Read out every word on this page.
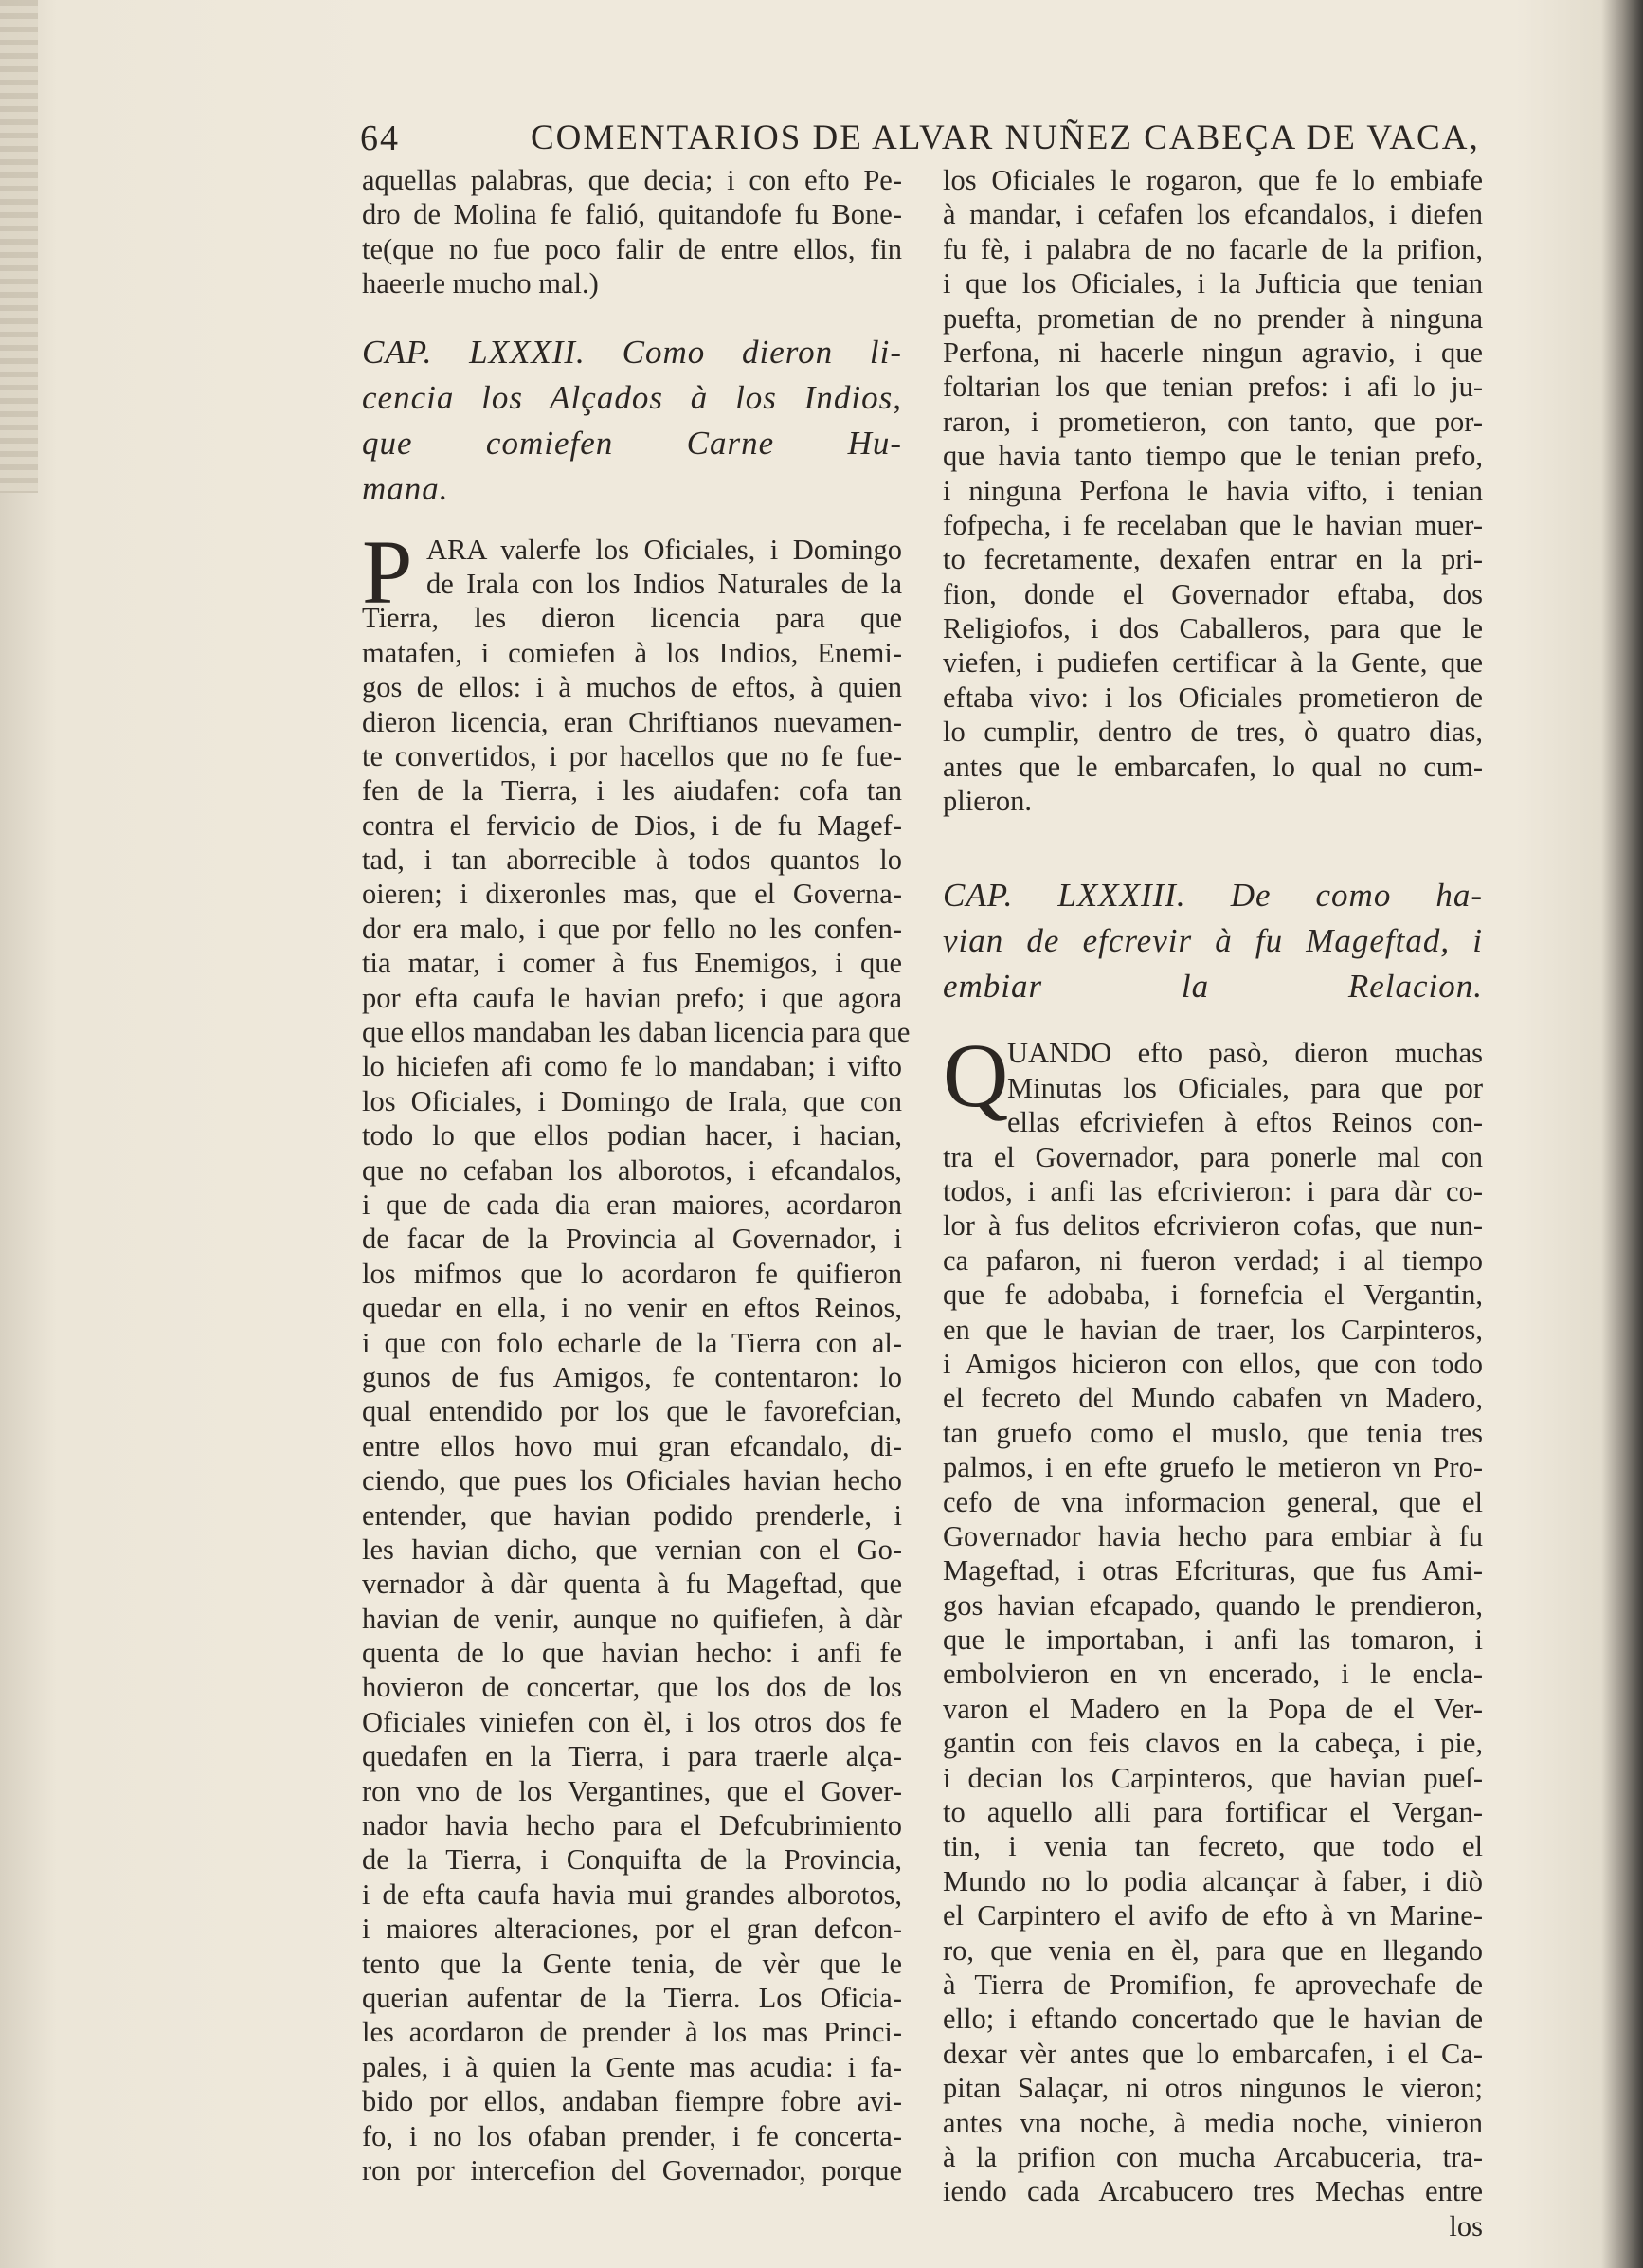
64	COMENTARIOS DE ALVAR NUÑEZ CABEÇA DE VACA,
aquellas palabras, que decia; i con efto Pe-
dro de Molina fe falió, quitandofe fu Bone-
te(que no fue poco falir de entre ellos, fin
haeerle mucho mal.)
CAP. LXXXII. Como dieron li-
cencia los Alçados à los Indios,
que comiefen Carne Hu-
mana.
P ARA valerfe los Oficiales, i Domingo
de Irala con los Indios Naturales de la
Tierra, les dieron licencia para que
matafen, i comiefen à los Indios, Enemi-
gos de ellos: i à muchos de eftos, à quien
dieron licencia, eran Chriftianos nuevamen-
te convertidos, i por hacellos que no fe fue-
fen de la Tierra, i les aiudafen: cofa tan
contra el fervicio de Dios, i de fu Magef-
tad, i tan aborrecible à todos quantos lo
oieren; i dixeronles mas, que el Governa-
dor era malo, i que por fello no les confen-
tia matar, i comer à fus Enemigos, i que
por efta caufa le havian prefo; i que agora
que ellos mandaban les daban licencia para que
lo hiciefen afi como fe lo mandaban; i vifto
los Oficiales, i Domingo de Irala, que con
todo lo que ellos podian hacer, i hacian,
que no cefaban los alborotos, i efcandalos,
i que de cada dia eran maiores, acordaron
de facar de la Provincia al Governador, i
los mifmos que lo acordaron fe quifieron
quedar en ella, i no venir en eftos Reinos,
i que con folo echarle de la Tierra con al-
gunos de fus Amigos, fe contentaron: lo
qual entendido por los que le favorefcian,
entre ellos hovo mui gran efcandalo, di-
ciendo, que pues los Oficiales havian hecho
entender, que havian podido prenderle, i
les havian dicho, que vernian con el Go-
vernador à dàr quenta à fu Mageftad, que
havian de venir, aunque no quifiefen, à dàr
quenta de lo que havian hecho: i anfi fe
hovieron de concertar, que los dos de los
Oficiales viniefen con èl, i los otros dos fe
quedafen en la Tierra, i para traerle alça-
ron vno de los Vergantines, que el Gover-
nador havia hecho para el Defcubrimiento
de la Tierra, i Conquifta de la Provincia,
i de efta caufa havia mui grandes alborotos,
i maiores alteraciones, por el gran defcon-
tento que la Gente tenia, de vèr que le
querian aufentar de la Tierra. Los Oficia-
les acordaron de prender à los mas Princi-
pales, i à quien la Gente mas acudia: i fa-
bido por ellos, andaban fiempre fobre avi-
fo, i no los ofaban prender, i fe concerta-
ron por intercefion del Governador, porque
los Oficiales le rogaron, que fe lo embiafe
à mandar, i cefafen los efcandalos, i diefen
fu fè, i palabra de no facarle de la prifion,
i que los Oficiales, i la Jufticia que tenian
puefta, prometian de no prender à ninguna
Perfona, ni hacerle ningun agravio, i que
foltarian los que tenian prefos: i afi lo ju-
raron, i prometieron, con tanto, que por-
que havia tanto tiempo que le tenian prefo,
i ninguna Perfona le havia vifto, i tenian
fofpecha, i fe recelaban que le havian muer-
to fecretamente, dexafen entrar en la pri-
fion, donde el Governador eftaba, dos
Religiofos, i dos Caballeros, para que le
viefen, i pudiefen certificar à la Gente, que
eftaba vivo: i los Oficiales prometieron de
lo cumplir, dentro de tres, ò quatro dias,
antes que le embarcafen, lo qual no cum-
plieron.
CAP. LXXXIII. De como ha-
vian de efcrevir à fu Mageftad, i
embiar la Relacion.
Q
UANDO efto pasò, dieron muchas
Minutas los Oficiales, para que por
ellas efcriviefen à eftos Reinos con-
tra el Governador, para ponerle mal con
todos, i anfi las efcrivieron: i para dàr co-
lor à fus delitos efcrivieron cofas, que nun-
ca pafaron, ni fueron verdad; i al tiempo
que fe adobaba, i fornefcia el Vergantin,
en que le havian de traer, los Carpinteros,
i Amigos hicieron con ellos, que con todo
el fecreto del Mundo cabafen vn Madero,
tan gruefo como el muslo, que tenia tres
palmos, i en efte gruefo le metieron vn Pro-
cefo de vna informacion general, que el
Governador havia hecho para embiar à fu
Mageftad, i otras Efcrituras, que fus Ami-
gos havian efcapado, quando le prendieron,
que le importaban, i anfi las tomaron, i
embolvieron en vn encerado, i le encla-
varon el Madero en la Popa de el Ver-
gantin con feis clavos en la cabeça, i pie,
i decian los Carpinteros, que havian pueſ-
to aquello alli para fortificar el Vergan-
tin, i venia tan fecreto, que todo el
Mundo no lo podia alcançar à faber, i diò
el Carpintero el avifo de efto à vn Marine-
ro, que venia en èl, para que en llegando
à Tierra de Promifion, fe aprovechafe de
ello; i eftando concertado que le havian de
dexar vèr antes que lo embarcafen, i el Ca-
pitan Salaçar, ni otros ningunos le vieron;
antes vna noche, à media noche, vinieron
à la prifion con mucha Arcabuceria, tra-
iendo cada Arcabucero tres Mechas entre
los
